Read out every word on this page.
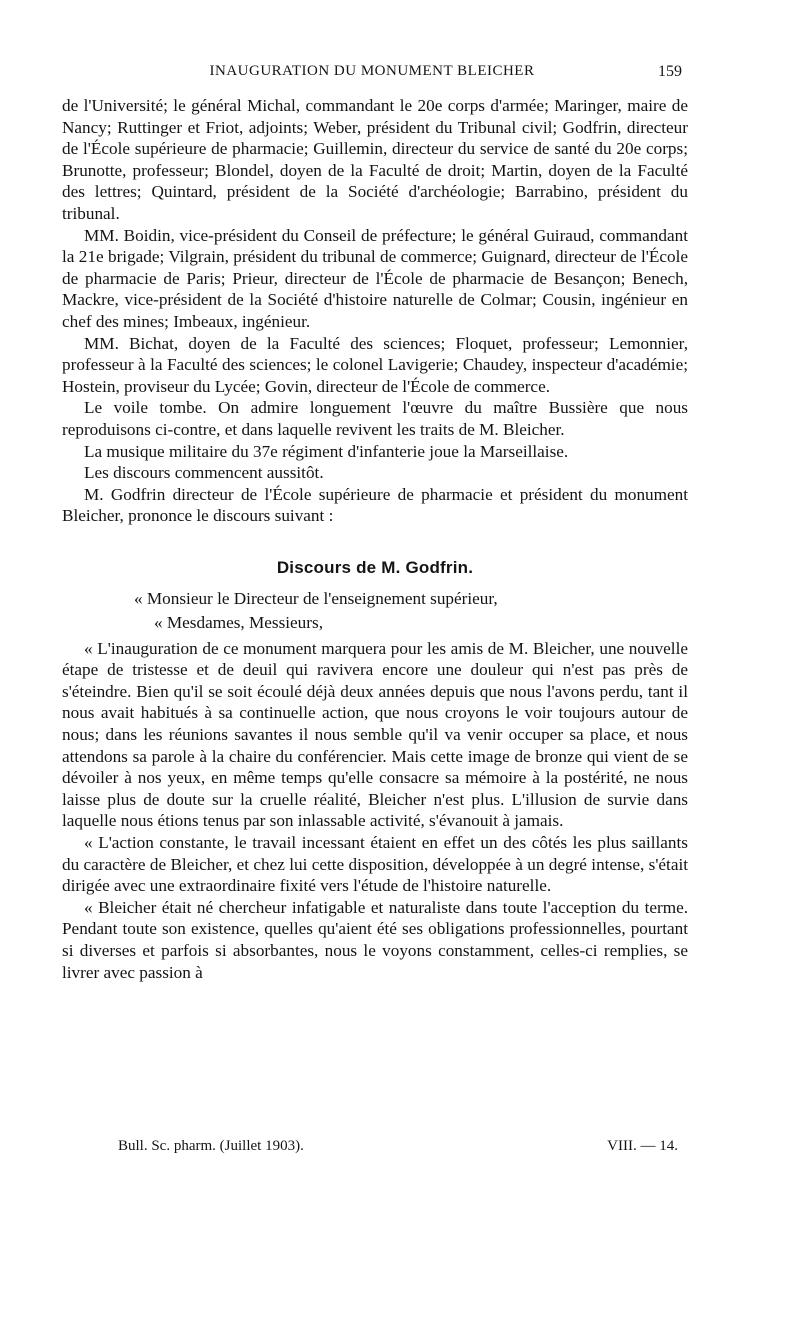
INAUGURATION DU MONUMENT BLEICHER	159

de l'Université; le général Michal, commandant le 20e corps d'armée; Maringer, maire de Nancy; Ruttinger et Friot, adjoints; Weber, président du Tribunal civil; Godfrin, directeur de l'École supérieure de pharmacie; Guillemin, directeur du service de santé du 20e corps; Brunotte, professeur; Blondel, doyen de la Faculté de droit; Martin, doyen de la Faculté des lettres; Quintard, président de la Société d'archéologie; Barrabino, président du tribunal.

MM. Boidin, vice-président du Conseil de préfecture; le général Guiraud, commandant la 21e brigade; Vilgrain, président du tribunal de commerce; Guignard, directeur de l'École de pharmacie de Paris; Prieur, directeur de l'École de pharmacie de Besançon; Benech, Mackre, vice-président de la Société d'histoire naturelle de Colmar; Cousin, ingénieur en chef des mines; Imbeaux, ingénieur.

MM. Bichat, doyen de la Faculté des sciences; Floquet, professeur; Lemonnier, professeur à la Faculté des sciences; le colonel Lavigerie; Chaudey, inspecteur d'académie; Hostein, proviseur du Lycée; Govin, directeur de l'École de commerce.

Le voile tombe. On admire longuement l'œuvre du maître Bussière que nous reproduisons ci-contre, et dans laquelle revivent les traits de M. Bleicher.

La musique militaire du 37e régiment d'infanterie joue la Marseillaise.

Les discours commencent aussitôt.

M. Godfrin directeur de l'École supérieure de pharmacie et président du monument Bleicher, prononce le discours suivant :

Discours de M. Godfrin.

« Monsieur le Directeur de l'enseignement supérieur,

« Mesdames, Messieurs,

« L'inauguration de ce monument marquera pour les amis de M. Bleicher, une nouvelle étape de tristesse et de deuil qui ravivera encore une douleur qui n'est pas près de s'éteindre. Bien qu'il se soit écoulé déjà deux années depuis que nous l'avons perdu, tant il nous avait habitués à sa continuelle action, que nous croyons le voir toujours autour de nous; dans les réunions savantes il nous semble qu'il va venir occuper sa place, et nous attendons sa parole à la chaire du conférencier. Mais cette image de bronze qui vient de se dévoiler à nos yeux, en même temps qu'elle consacre sa mémoire à la postérité, ne nous laisse plus de doute sur la cruelle réalité, Bleicher n'est plus. L'illusion de survie dans laquelle nous étions tenus par son inlassable activité, s'évanouit à jamais.

« L'action constante, le travail incessant étaient en effet un des côtés les plus saillants du caractère de Bleicher, et chez lui cette disposition, développée à un degré intense, s'était dirigée avec une extraordinaire fixité vers l'étude de l'histoire naturelle.

« Bleicher était né chercheur infatigable et naturaliste dans toute l'acception du terme. Pendant toute son existence, quelles qu'aient été ses obligations professionnelles, pourtant si diverses et parfois si absorbantes, nous le voyons constamment, celles-ci remplies, se livrer avec passion à

Bull. Sc. pharm. (Juillet 1903).	VIII. — 14.
